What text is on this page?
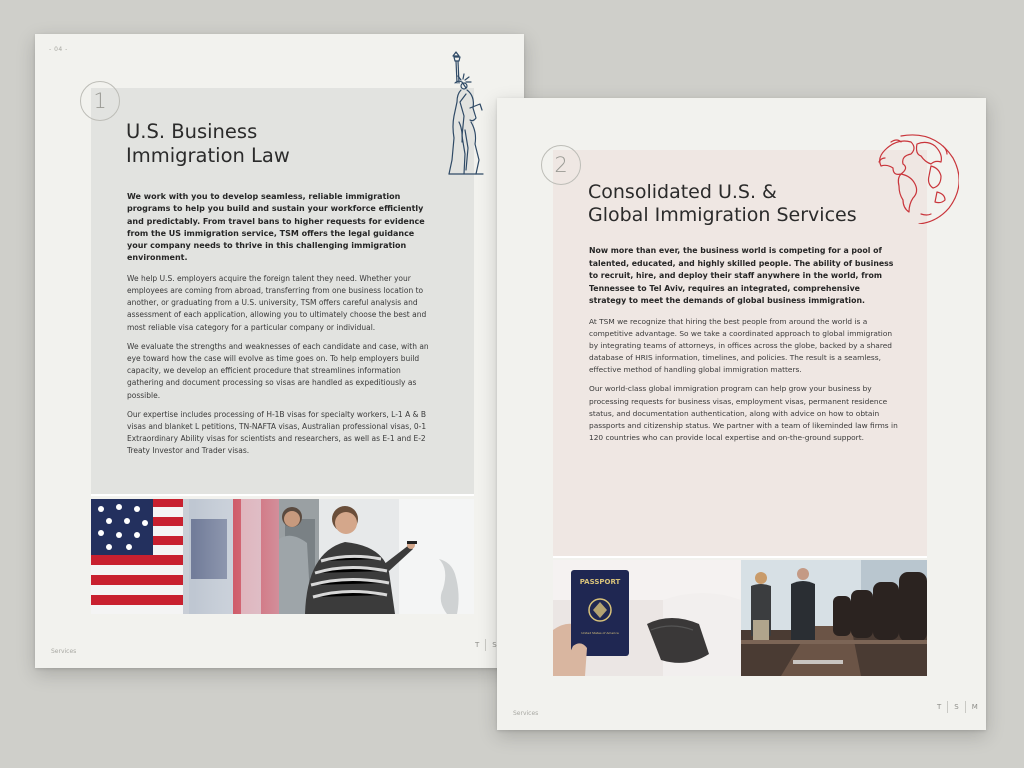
- 04 -
1
U.S. Business
Immigration Law

We work with you to develop seamless, reliable immigration programs to help you build and sustain your workforce efficiently and predictably. From travel bans to higher requests for evidence from the US immigration service, TSM offers the legal guidance your company needs to thrive in this challenging immigration environment.

We help U.S. employers acquire the foreign talent they need. Whether your employees are coming from abroad, transferring from one business location to another, or graduating from a U.S. university, TSM offers careful analysis and assessment of each application, allowing you to ultimately choose the best and most reliable visa category for a particular company or individual.

We evaluate the strengths and weaknesses of each candidate and case, with an eye toward how the case will evolve as time goes on. To help employers build capacity, we develop an efficient procedure that streamlines information gathering and document processing so visas are handled as expeditiously as possible.

Our expertise includes processing of H-1B visas for specialty workers, L-1 A & B visas and blanket L petitions, TN-NAFTA visas, Australian professional visas, 0-1 Extraordinary Ability visas for scientists and researchers, as well as E-1 and E-2 Treaty Investor and Trader visas.

Services
T S
2
Consolidated U.S. &
Global Immigration Services

Now more than ever, the business world is competing for a pool of talented, educated, and highly skilled people. The ability of business to recruit, hire, and deploy their staff anywhere in the world, from Tennessee to Tel Aviv, requires an integrated, comprehensive strategy to meet the demands of global business immigration.

At TSM we recognize that hiring the best people from around the world is a competitive advantage. So we take a coordinated approach to global immigration by integrating teams of attorneys, in offices across the globe, backed by a shared database of HRIS information, timelines, and policies. The result is a seamless, effective method of handling global immigration matters.

Our world-class global immigration program can help grow your business by processing requests for business visas, employment visas, permanent residence status, and documentation authentication, along with advice on how to obtain passports and citizenship status. We partner with a team of likeminded law firms in 120 countries who can provide local expertise and on-the-ground support.

PASSPORT
United States of America
Services
T S M
